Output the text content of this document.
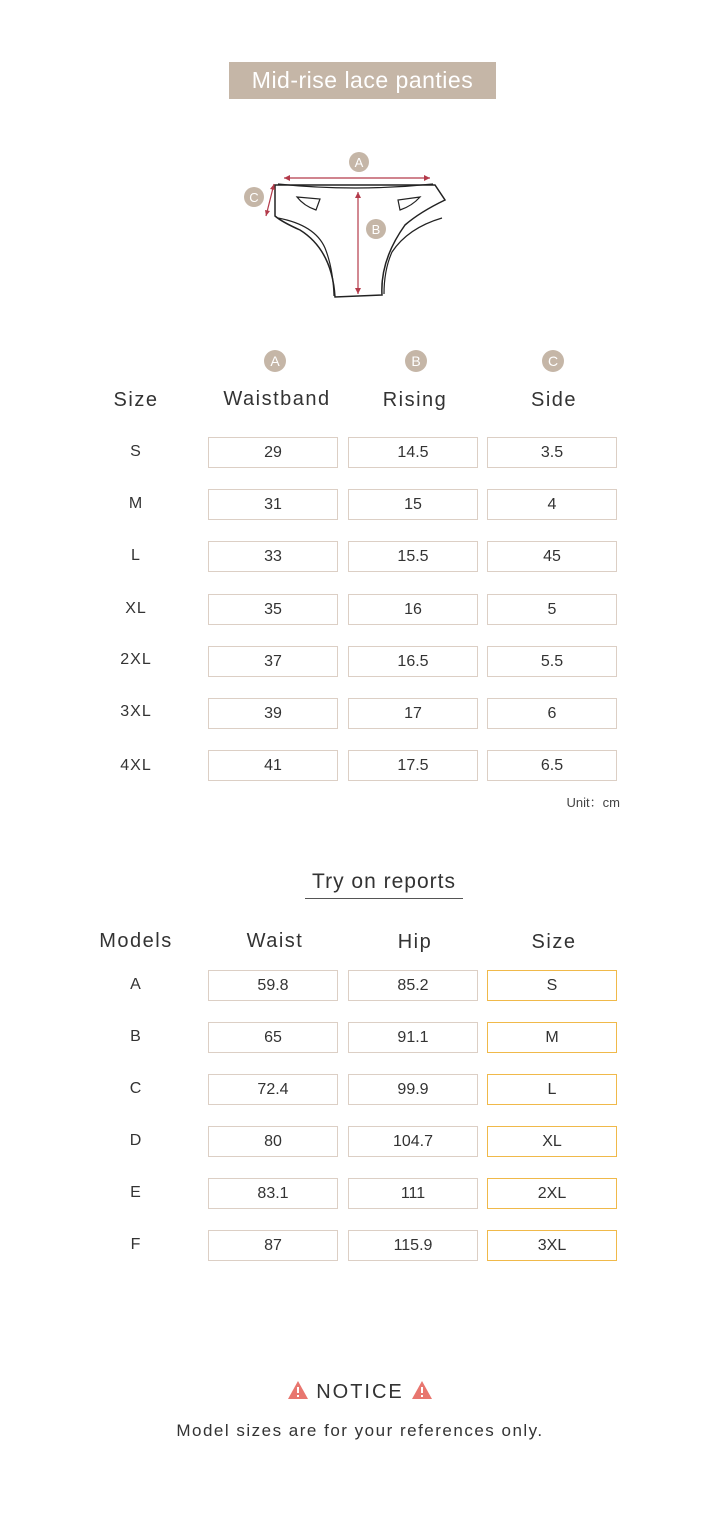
Mid-rise lace panties
A
B
C
A	B	C
Size	Waistband	Rising	Side
S	29	14.5	3.5
M	31	15	4
L	33	15.5	45
XL	35	16	5
2XL	37	16.5	5.5
3XL	39	17	6
4XL	41	17.5	6.5
Unit：cm
Try on reports
Models	Waist	Hip	Size
A	59.8	85.2	S
B	65	91.1	M
C	72.4	99.9	L
D	80	104.7	XL
E	83.1	111	2XL
F	87	115.9	3XL
NOTICE
Model sizes are for your references only.
